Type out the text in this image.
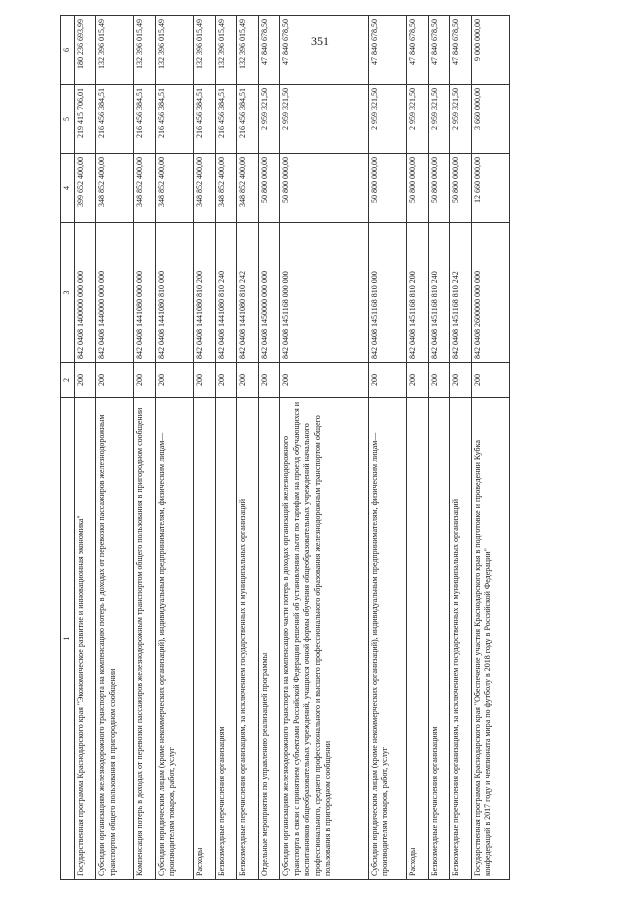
351
1	2	3	4	5	6
Государственная программа Краснодарского края "Экономическое развитие и инновационная экономика"	200	842 0408 1400000 000 000	399 652 400,00	219 415 706,01	180 236 693,99
Субсидии организациям железнодорожного транспорта на компенсацию потерь в доходах от перевозки пассажиров железнодорожным транспортом общего пользования в пригородном сообщении	200	842 0408 1440000 000 000	348 852 400,00	216 456 384,51	132 396 015,49
Компенсация потерь в доходах от перевозки пассажиров железнодорожным транспортом общего пользования в пригородном сообщении	200	842 0408 1441080 000 000	348 852 400,00	216 456 384,51	132 396 015,49
Субсидии юридическим лицам (кроме некоммерческих организаций), индивидуальным предпринимателям, физическим лицам—производителям товаров, работ, услуг	200	842 0408 1441080 810 000	348 852 400,00	216 456 384,51	132 396 015,49
Расходы	200	842 0408 1441080 810 200	348 852 400,00	216 456 384,51	132 396 015,49
Безвозмездные перечисления организациям	200	842 0408 1441080 810 240	348 852 400,00	216 456 384,51	132 396 015,49
Безвозмездные перечисления организациям, за исключением государственных и муниципальных организаций	200	842 0408 1441080 810 242	348 852 400,00	216 456 384,51	132 396 015,49
Отдельные мероприятия по управлению реализацией программы	200	842 0408 1450000 000 000	50 800 000,00	2 959 321,50	47 840 678,50
Субсидии организациям железнодорожного транспорта на компенсацию части потерь в доходах организаций железнодорожного транспорта в связи с принятием субъектами Российской Федерации решений об установлении льгот по тарифам на проезд обучающихся и воспитанников общеобразовательных учреждений, учащихся очной формы обучения общеобразовательных учреждений начального профессионального, среднего профессионального и высшего профессионального образования железнодорожным транспортом общего пользования в пригородном сообщении	200	842 0408 1451168 000 000	50 800 000,00	2 959 321,50	47 840 678,50
Субсидии юридическим лицам (кроме некоммерческих организаций), индивидуальным предпринимателям, физическим лицам—производителям товаров, работ, услуг	200	842 0408 1451168 810 000	50 800 000,00	2 959 321,50	47 840 678,50
Расходы	200	842 0408 1451168 810 200	50 800 000,00	2 959 321,50	47 840 678,50
Безвозмездные перечисления организациям	200	842 0408 1451168 810 240	50 800 000,00	2 959 321,50	47 840 678,50
Безвозмездные перечисления организациям, за исключением государственных и муниципальных организаций	200	842 0408 1451168 810 242	50 800 000,00	2 959 321,50	47 840 678,50
Государственная программа Краснодарского края "Обеспечение участия Краснодарского края в подготовке и проведении Кубка конфедераций в 2017 году и чемпионата мира по футболу в 2018 году в Российской Федерации"	200	842 0408 2600000 000 000	12 660 000,00	3 660 000,00	9 000 000,00
